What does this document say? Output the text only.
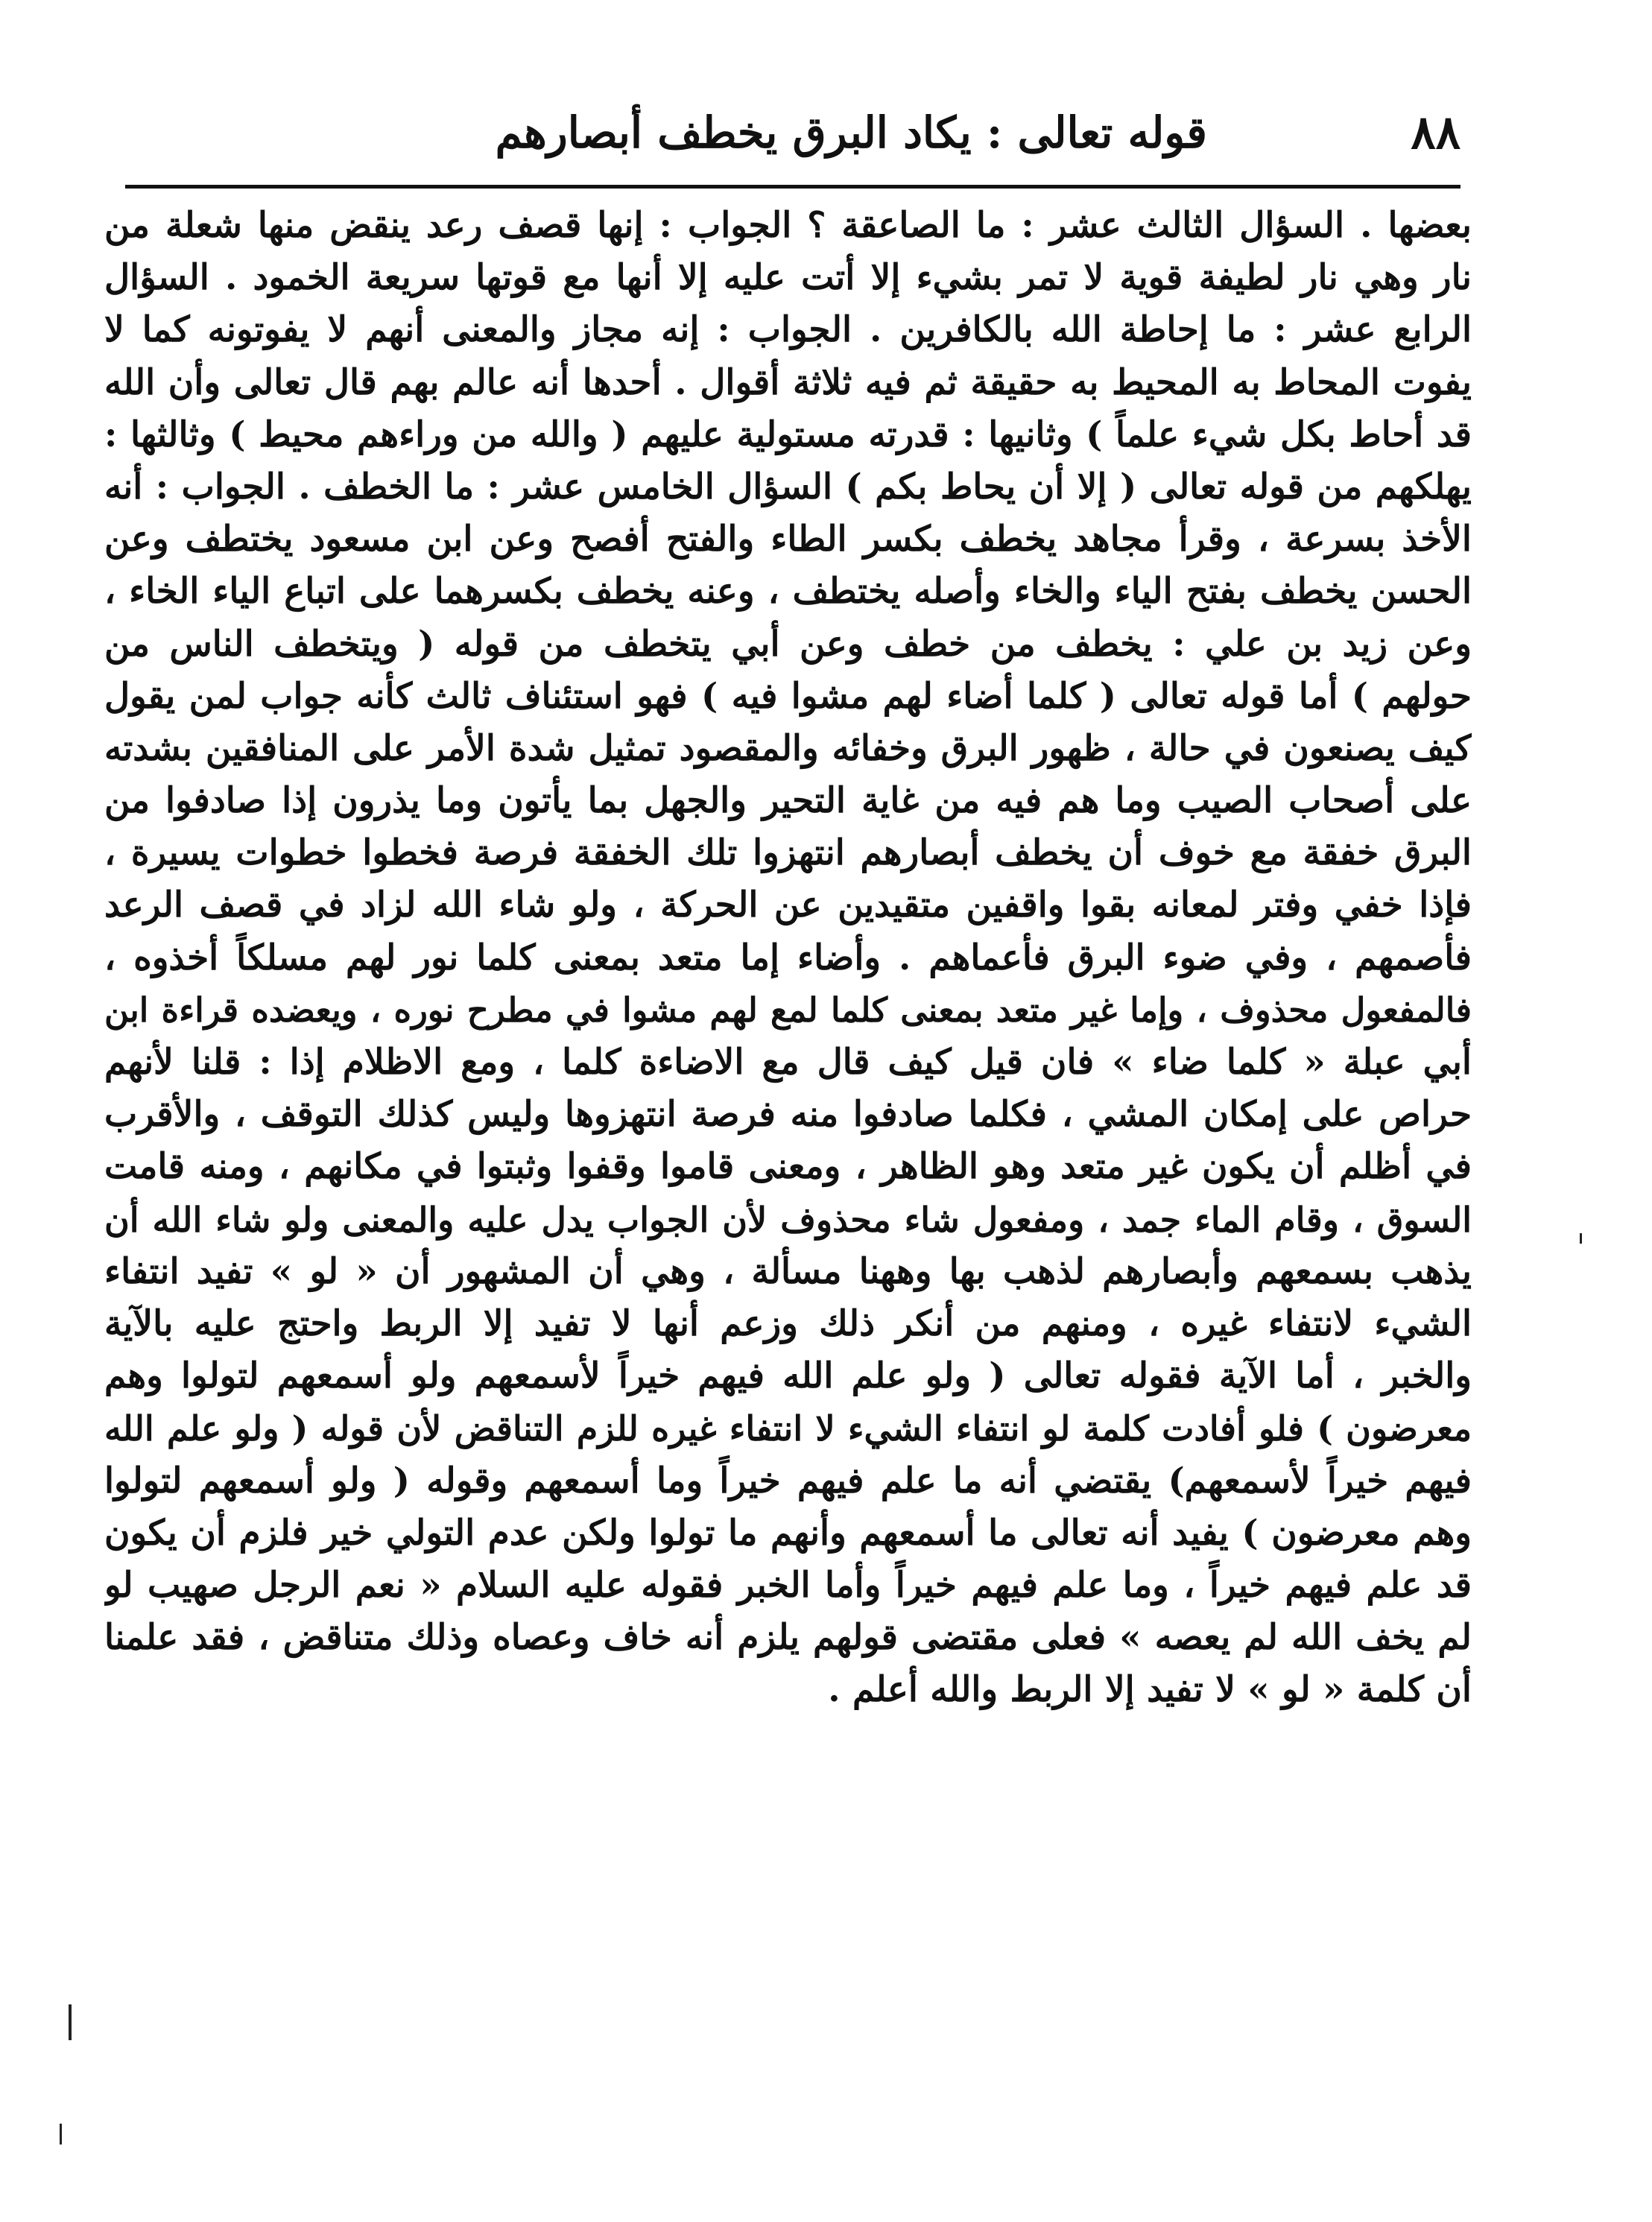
٨٨
قوله تعالى : يكاد البرق يخطف أبصارهم
بعضها . السؤال الثالث عشر : ما الصاعقة ؟ الجواب : إنها قصف رعد ينقض منها شعلة من
نار وهي نار لطيفة قوية لا تمر بشيء إلا أتت عليه إلا أنها مع قوتها سريعة الخمود . السؤال
الرابع عشر : ما إحاطة الله بالكافرين . الجواب : إنه مجاز والمعنى أنهم لا يفوتونه كما لا
يفوت المحاط به المحيط به حقيقة ثم فيه ثلاثة أقوال . أحدها أنه عالم بهم قال تعالى وأن الله
قد أحاط بكل شيء علماً ) وثانيها : قدرته مستولية عليهم ( والله من وراءهم محيط ) وثالثها :
يهلكهم من قوله تعالى ( إلا أن يحاط بكم ) السؤال الخامس عشر : ما الخطف . الجواب : أنه
الأخذ بسرعة ، وقرأ مجاهد يخطف بكسر الطاء والفتح أفصح وعن ابن مسعود يختطف وعن
الحسن يخطف بفتح الياء والخاء وأصله يختطف ، وعنه يخطف بكسرهما على اتباع الياء الخاء ،
وعن زيد بن علي : يخطف من خطف وعن أبي يتخطف من قوله ( ويتخطف الناس من
حولهم ) أما قوله تعالى ( كلما أضاء لهم مشوا فيه ) فهو استئناف ثالث كأنه جواب لمن يقول
كيف يصنعون في حالة ، ظهور البرق وخفائه والمقصود تمثيل شدة الأمر على المنافقين بشدته
على أصحاب الصيب وما هم فيه من غاية التحير والجهل بما يأتون وما يذرون إذا صادفوا من
البرق خفقة مع خوف أن يخطف أبصارهم انتهزوا تلك الخفقة فرصة فخطوا خطوات يسيرة ،
فإذا خفي وفتر لمعانه بقوا واقفين متقيدين عن الحركة ، ولو شاء الله لزاد في قصف الرعد
فأصمهم ، وفي ضوء البرق فأعماهم . وأضاء إما متعد بمعنى كلما نور لهم مسلكاً أخذوه ،
فالمفعول محذوف ، وإما غير متعد بمعنى كلما لمع لهم مشوا في مطرح نوره ، ويعضده قراءة ابن
أبي عبلة « كلما ضاء » فان قيل كيف قال مع الاضاءة كلما ، ومع الاظلام إذا : قلنا لأنهم
حراص على إمكان المشي ، فكلما صادفوا منه فرصة انتهزوها وليس كذلك التوقف ، والأقرب
في أظلم أن يكون غير متعد وهو الظاهر ، ومعنى قاموا وقفوا وثبتوا في مكانهم ، ومنه قامت
السوق ، وقام الماء جمد ، ومفعول شاء محذوف لأن الجواب يدل عليه والمعنى ولو شاء الله أن
يذهب بسمعهم وأبصارهم لذهب بها وههنا مسألة ، وهي أن المشهور أن « لو » تفيد انتفاء
الشيء لانتفاء غيره ، ومنهم من أنكر ذلك وزعم أنها لا تفيد إلا الربط واحتج عليه بالآية
والخبر ، أما الآية فقوله تعالى ( ولو علم الله فيهم خيراً لأسمعهم ولو أسمعهم لتولوا وهم
معرضون ) فلو أفادت كلمة لو انتفاء الشيء لا انتفاء غيره للزم التناقض لأن قوله ( ولو علم الله
فيهم خيراً لأسمعهم) يقتضي أنه ما علم فيهم خيراً وما أسمعهم وقوله ( ولو أسمعهم لتولوا
وهم معرضون ) يفيد أنه تعالى ما أسمعهم وأنهم ما تولوا ولكن عدم التولي خير فلزم أن يكون
قد علم فيهم خيراً ، وما علم فيهم خيراً وأما الخبر فقوله عليه السلام « نعم الرجل صهيب لو
لم يخف الله لم يعصه » فعلى مقتضى قولهم يلزم أنه خاف وعصاه وذلك متناقض ، فقد علمنا
أن كلمة « لو » لا تفيد إلا الربط والله أعلم .
